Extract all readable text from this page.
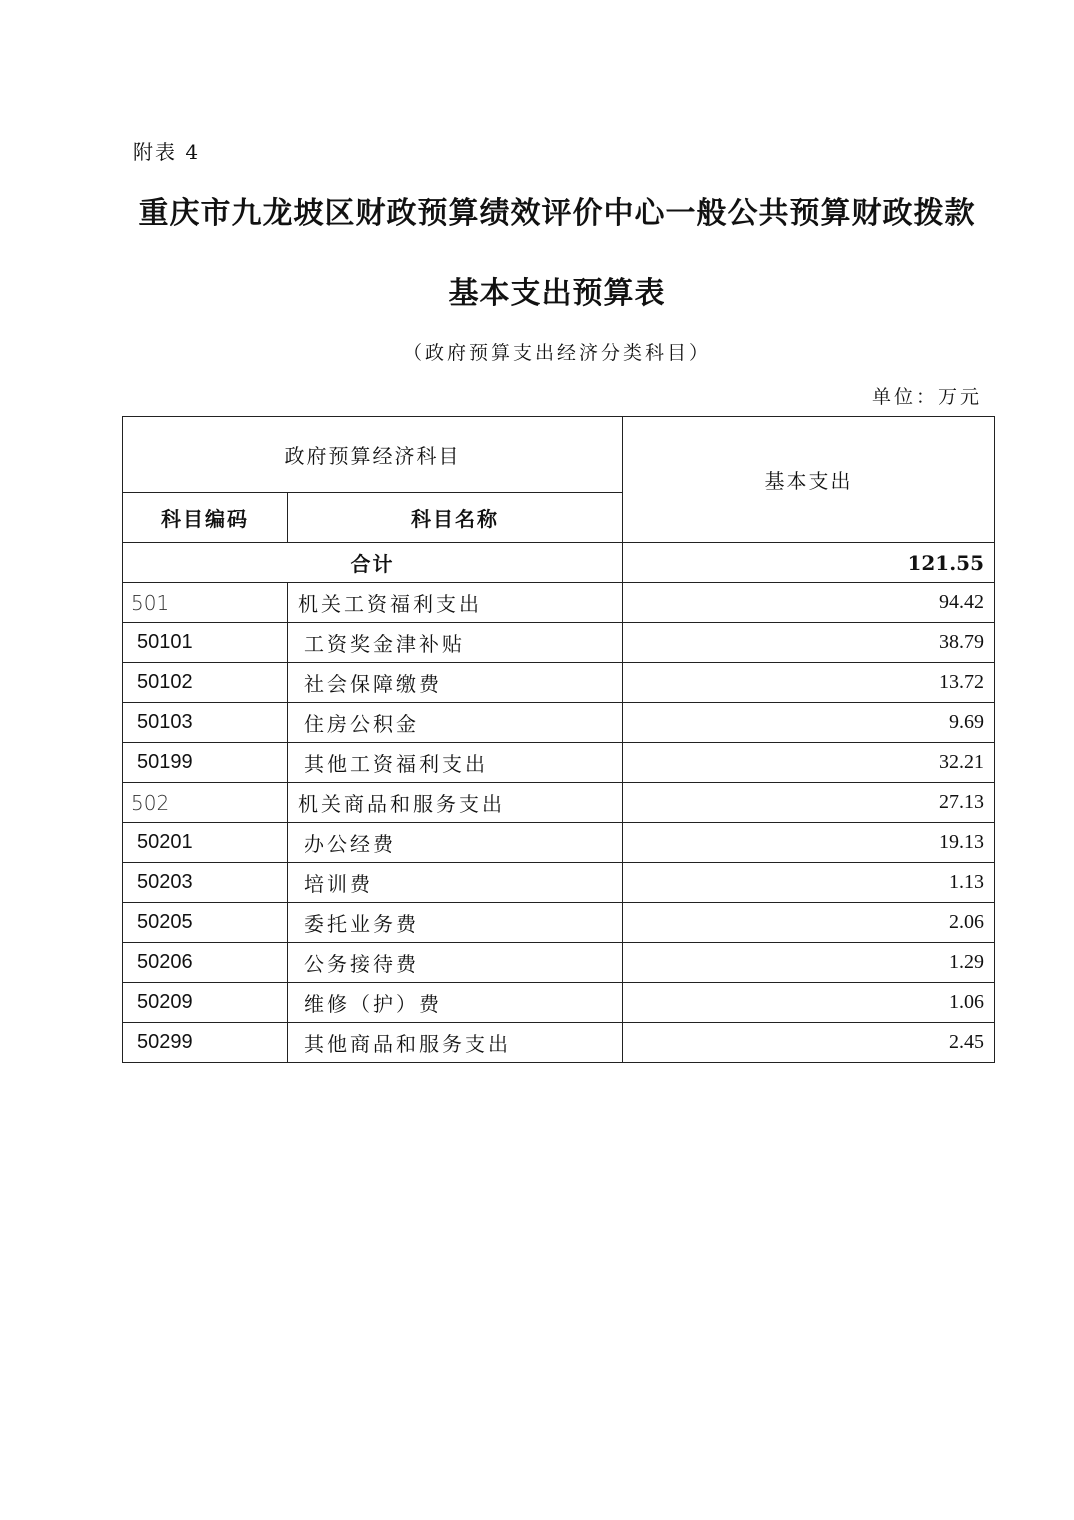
附表 4
重庆市九龙坡区财政预算绩效评价中心一般公共预算财政拨款
基本支出预算表
（政府预算支出经济分类科目）
单位：万元
政府预算经济科目		基本支出
科目编码	科目名称	
合计		121.55
501	机关工资福利支出	94.42
50101	工资奖金津补贴	38.79
50102	社会保障缴费	13.72
50103	住房公积金	9.69
50199	其他工资福利支出	32.21
502	机关商品和服务支出	27.13
50201	办公经费	19.13
50203	培训费	1.13
50205	委托业务费	2.06
50206	公务接待费	1.29
50209	维修（护）费	1.06
50299	其他商品和服务支出	2.45
